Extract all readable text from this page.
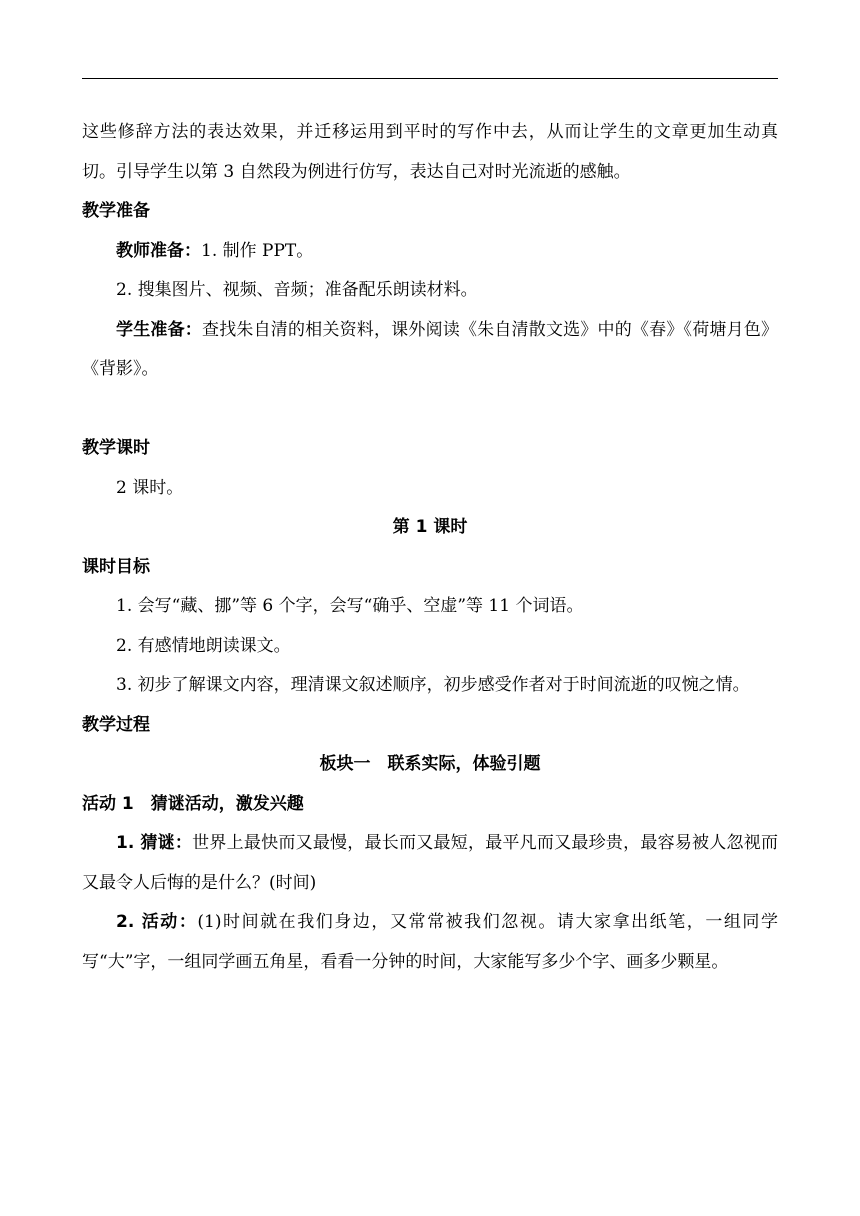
这些修辞方法的表达效果，并迁移运用到平时的写作中去，从而让学生的文章更加生动真切。引导学生以第 3 自然段为例进行仿写，表达自己对时光流逝的感触。

教学准备

教师准备：1. 制作 PPT。

2. 搜集图片、视频、音频；准备配乐朗读材料。

学生准备：查找朱自清的相关资料，课外阅读《朱自清散文选》中的《春》《荷塘月色》《背影》。

教学课时

2 课时。

第 1 课时

课时目标

1. 会写“藏、挪”等 6 个字，会写“确乎、空虚”等 11 个词语。

2. 有感情地朗读课文。

3. 初步了解课文内容，理清课文叙述顺序，初步感受作者对于时间流逝的叹惋之情。

教学过程

板块一　联系实际，体验引题

活动 1　猜谜活动，激发兴趣

1. 猜谜：世界上最快而又最慢，最长而又最短，最平凡而又最珍贵，最容易被人忽视而又最令人后悔的是什么？(时间)

2. 活动：(1)时间就在我们身边，又常常被我们忽视。请大家拿出纸笔，一组同学写“大”字，一组同学画五角星，看看一分钟的时间，大家能写多少个字、画多少颗星。
